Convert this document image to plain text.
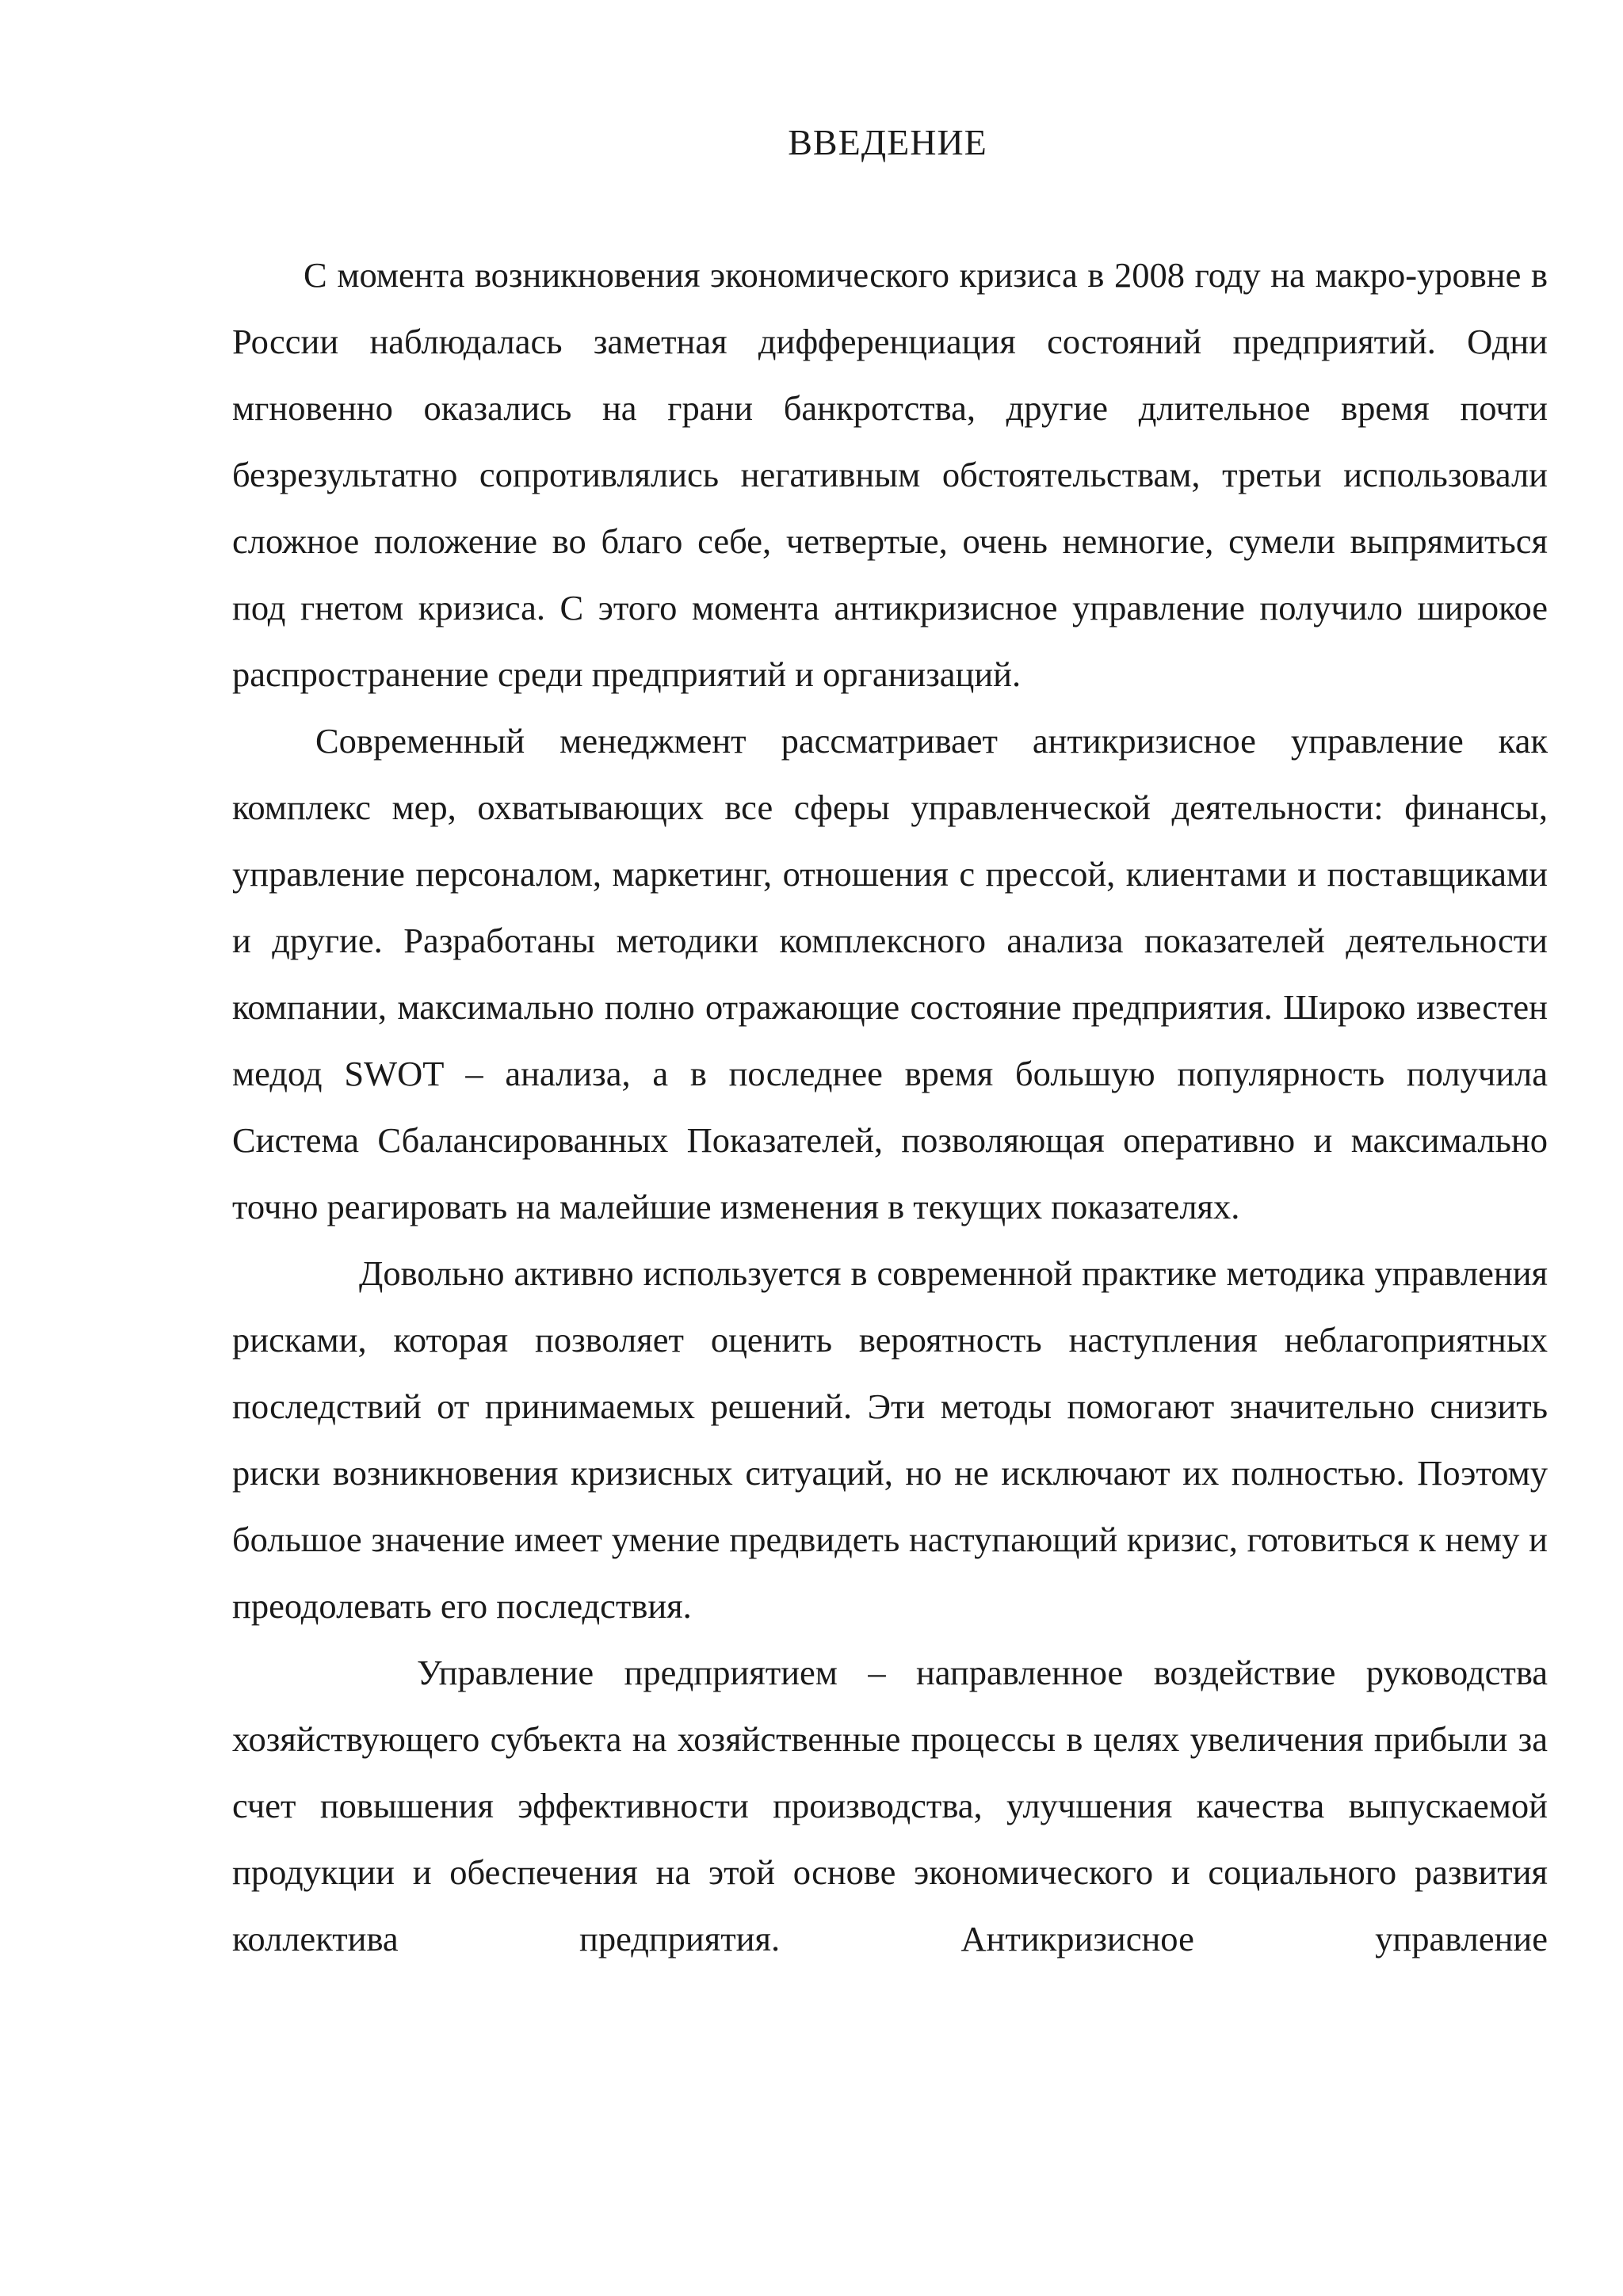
ВВЕДЕНИЕ

С момента возникновения экономического кризиса в 2008 году на макро-уровне в России наблюдалась заметная дифференциация состояний предприятий. Одни мгновенно оказались на грани банкротства, другие длительное время почти безрезультатно сопротивлялись негативным обстоятельствам, третьи использовали сложное положение во благо себе, четвертые, очень немногие, сумели выпрямиться под гнетом кризиса. С этого момента антикризисное управление получило широкое распространение среди предприятий и организаций.

Современный менеджмент рассматривает антикризисное управление как комплекс мер, охватывающих все сферы управленческой деятельности: финансы, управление персоналом, маркетинг, отношения с прессой, клиентами и поставщиками и другие. Разработаны методики комплексного анализа показателей деятельности компании, максимально полно отражающие состояние предприятия. Широко известен медод SWOT – анализа, а в последнее время большую популярность получила Система Сбалансированных Показателей, позволяющая оперативно и максимально точно реагировать на малейшие изменения в текущих показателях.

Довольно активно используется в современной практике методика управления рисками, которая позволяет оценить вероятность наступления неблагоприятных последствий от принимаемых решений. Эти методы помогают значительно снизить риски возникновения кризисных ситуаций, но не исключают их полностью. Поэтому большое значение имеет умение предвидеть наступающий кризис, готовиться к нему и преодолевать его последствия.

Управление предприятием – направленное воздействие руководства хозяйствующего субъекта на хозяйственные процессы в целях увеличения прибыли за счет повышения эффективности производства, улучшения качества выпускаемой продукции и обеспечения на этой основе экономического и социального развития коллектива предприятия. Антикризисное управление
